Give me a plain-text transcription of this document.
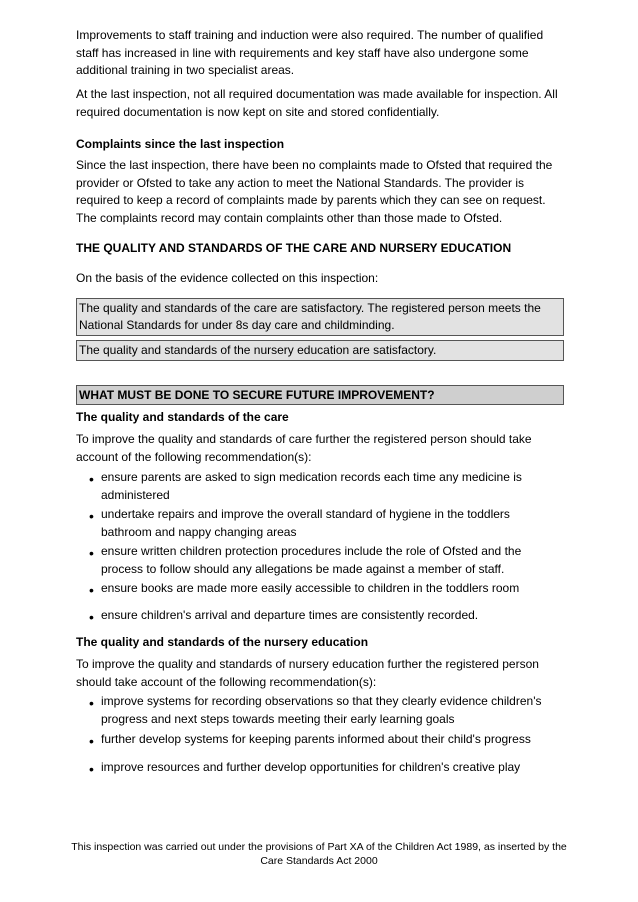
Improvements to staff training and induction were also required. The number of qualified staff has increased in line with requirements and key staff have also undergone some additional training in two specialist areas.

At the last inspection, not all required documentation was made available for inspection. All required documentation is now kept on site and stored confidentially.

Complaints since the last inspection

Since the last inspection, there have been no complaints made to Ofsted that required the provider or Ofsted to take any action to meet the National Standards. The provider is required to keep a record of complaints made by parents which they can see on request. The complaints record may contain complaints other than those made to Ofsted.

THE QUALITY AND STANDARDS OF THE CARE AND NURSERY EDUCATION

On the basis of the evidence collected on this inspection:

The quality and standards of the care are satisfactory. The registered person meets the National Standards for under 8s day care and childminding.
The quality and standards of the nursery education are satisfactory.
WHAT MUST BE DONE TO SECURE FUTURE IMPROVEMENT?

The quality and standards of the care

To improve the quality and standards of care further the registered person should take account of the following recommendation(s):

• ensure parents are asked to sign medication records each time any medicine is administered
• undertake repairs and improve the overall standard of hygiene in the toddlers bathroom and nappy changing areas
• ensure written children protection procedures include the role of Ofsted and the process to follow should any allegations be made against a member of staff.
• ensure books are made more easily accessible to children in the toddlers room
• ensure children's arrival and departure times are consistently recorded.

The quality and standards of the nursery education

To improve the quality and standards of nursery education further the registered person should take account of the following recommendation(s):

• improve systems for recording observations so that they clearly evidence children's progress and next steps towards meeting their early learning goals
• further develop systems for keeping parents informed about their child's progress
• improve resources and further develop opportunities for children's creative play
This inspection was carried out under the provisions of Part XA of the Children Act 1989, as inserted by the Care Standards Act 2000
